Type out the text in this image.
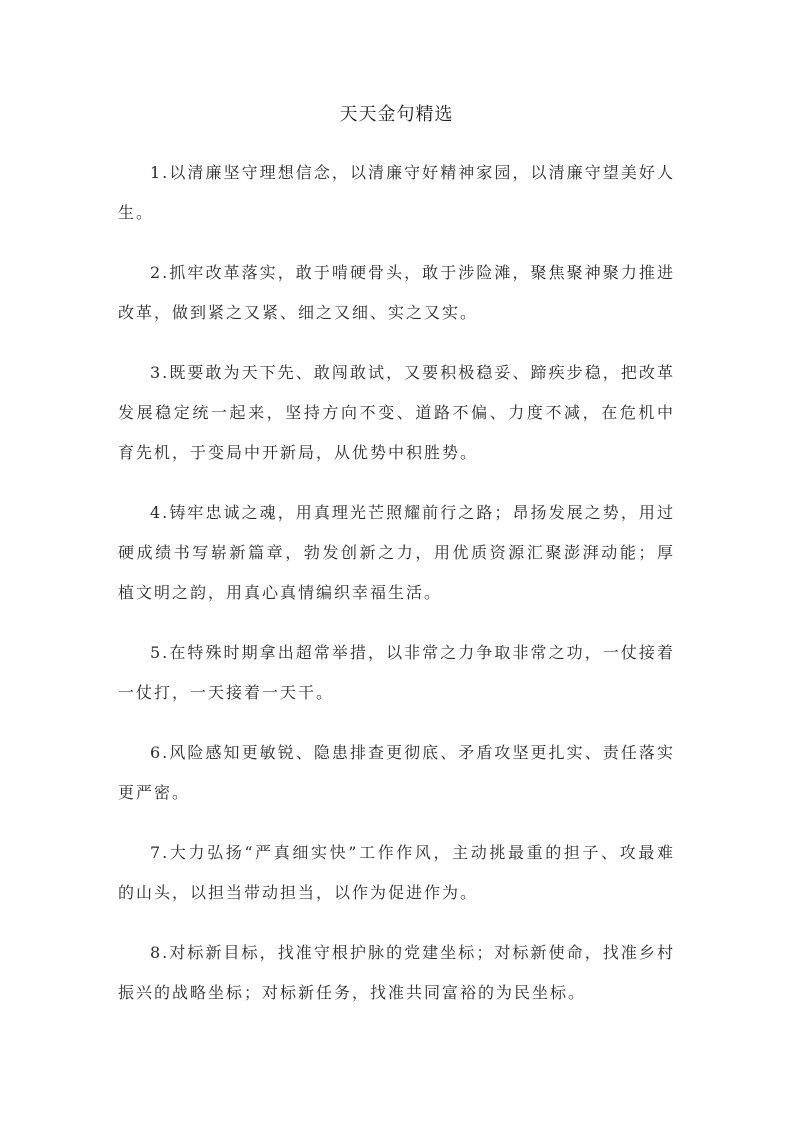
天天金句精选

1.以清廉坚守理想信念，以清廉守好精神家园，以清廉守望美好人生。

2.抓牢改革落实，敢于啃硬骨头，敢于涉险滩，聚焦聚神聚力推进改革，做到紧之又紧、细之又细、实之又实。

3.既要敢为天下先、敢闯敢试，又要积极稳妥、蹄疾步稳，把改革发展稳定统一起来，坚持方向不变、道路不偏、力度不减，在危机中育先机，于变局中开新局，从优势中积胜势。

4.铸牢忠诚之魂，用真理光芒照耀前行之路；昂扬发展之势，用过硬成绩书写崭新篇章，勃发创新之力，用优质资源汇聚澎湃动能；厚植文明之韵，用真心真情编织幸福生活。

5.在特殊时期拿出超常举措，以非常之力争取非常之功，一仗接着一仗打，一天接着一天干。

6.风险感知更敏锐、隐患排查更彻底、矛盾攻坚更扎实、责任落实更严密。

7.大力弘扬“严真细实快”工作作风，主动挑最重的担子、攻最难的山头，以担当带动担当，以作为促进作为。

8.对标新目标，找准守根护脉的党建坐标；对标新使命，找准乡村振兴的战略坐标；对标新任务，找准共同富裕的为民坐标。
